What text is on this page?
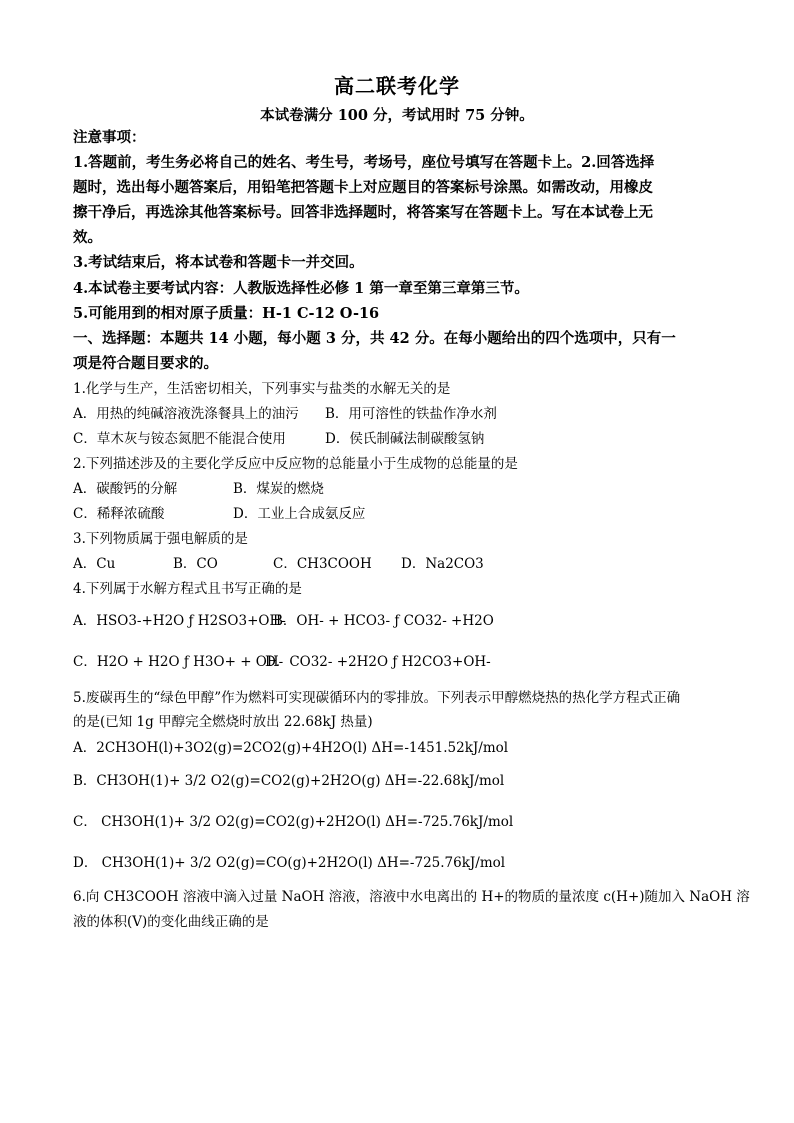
高二联考化学
本试卷满分 100 分，考试用时 75 分钟。
注意事项：
1.答题前，考生务必将自己的姓名、考生号，考场号，座位号填写在答题卡上。2.回答选择
题时，选出每小题答案后，用铅笔把答题卡上对应题目的答案标号涂黑。如需改动，用橡皮
擦干净后，再选涂其他答案标号。回答非选择题时，将答案写在答题卡上。写在本试卷上无
效。
3.考试结束后，将本试卷和答题卡一并交回。
4.本试卷主要考试内容：人教版选择性必修 1 第一章至第三章第三节。
5.可能用到的相对原子质量：H-1 C-12 O-16
一、选择题：本题共 14 小题，每小题 3 分，共 42 分。在每小题给出的四个选项中，只有一
项是符合题目要求的。
1.化学与生产，生活密切相关，下列事实与盐类的水解无关的是
A．用热的纯碱溶液洗涤餐具上的油污 B．用可溶性的铁盐作净水剂
C．草木灰与铵态氮肥不能混合使用	D．侯氏制碱法制碳酸氢钠
2.下列描述涉及的主要化学反应中反应物的总能量小于生成物的总能量的是
A．碳酸钙的分解	B．煤炭的燃烧
C．稀释浓硫酸	D．工业上合成氨反应
3.下列物质属于强电解质的是
A．Cu	B．CO	C．CH3COOH D．Na2CO3
4.下列属于水解方程式且书写正确的是
A．HSO3-+H2O ƒ H2SO3+OH-B．OH- + HCO3- ƒ CO32- +H2O
C．H2O + H2O ƒ H3O+ + OH-D．CO32- +2H2O ƒ H2CO3+OH-
5.废碳再生的“绿色甲醇”作为燃料可实现碳循环内的零排放。下列表示甲醇燃烧热的热化学方程式正确
的是(已知 1g 甲醇完全燃烧时放出 22.68kJ 热量)
A．2CH3OH(l)+3O2(g)=2CO2(g)+4H2O(l) ΔH=-1451.52kJ/mol
B．CH3OH(1)+ 3/2 O2(g)=CO2(g)+2H2O(g) ΔH=-22.68kJ/mol
C． CH3OH(1)+ 3/2 O2(g)=CO2(g)+2H2O(l) ΔH=-725.76kJ/mol
D． CH3OH(1)+ 3/2 O2(g)=CO(g)+2H2O(l) ΔH=-725.76kJ/mol
6.向 CH3COOH 溶液中滴入过量 NaOH 溶液，溶液中水电离出的 H+的物质的量浓度 c(H+)随加入 NaOH 溶
液的体积(V)的变化曲线正确的是
